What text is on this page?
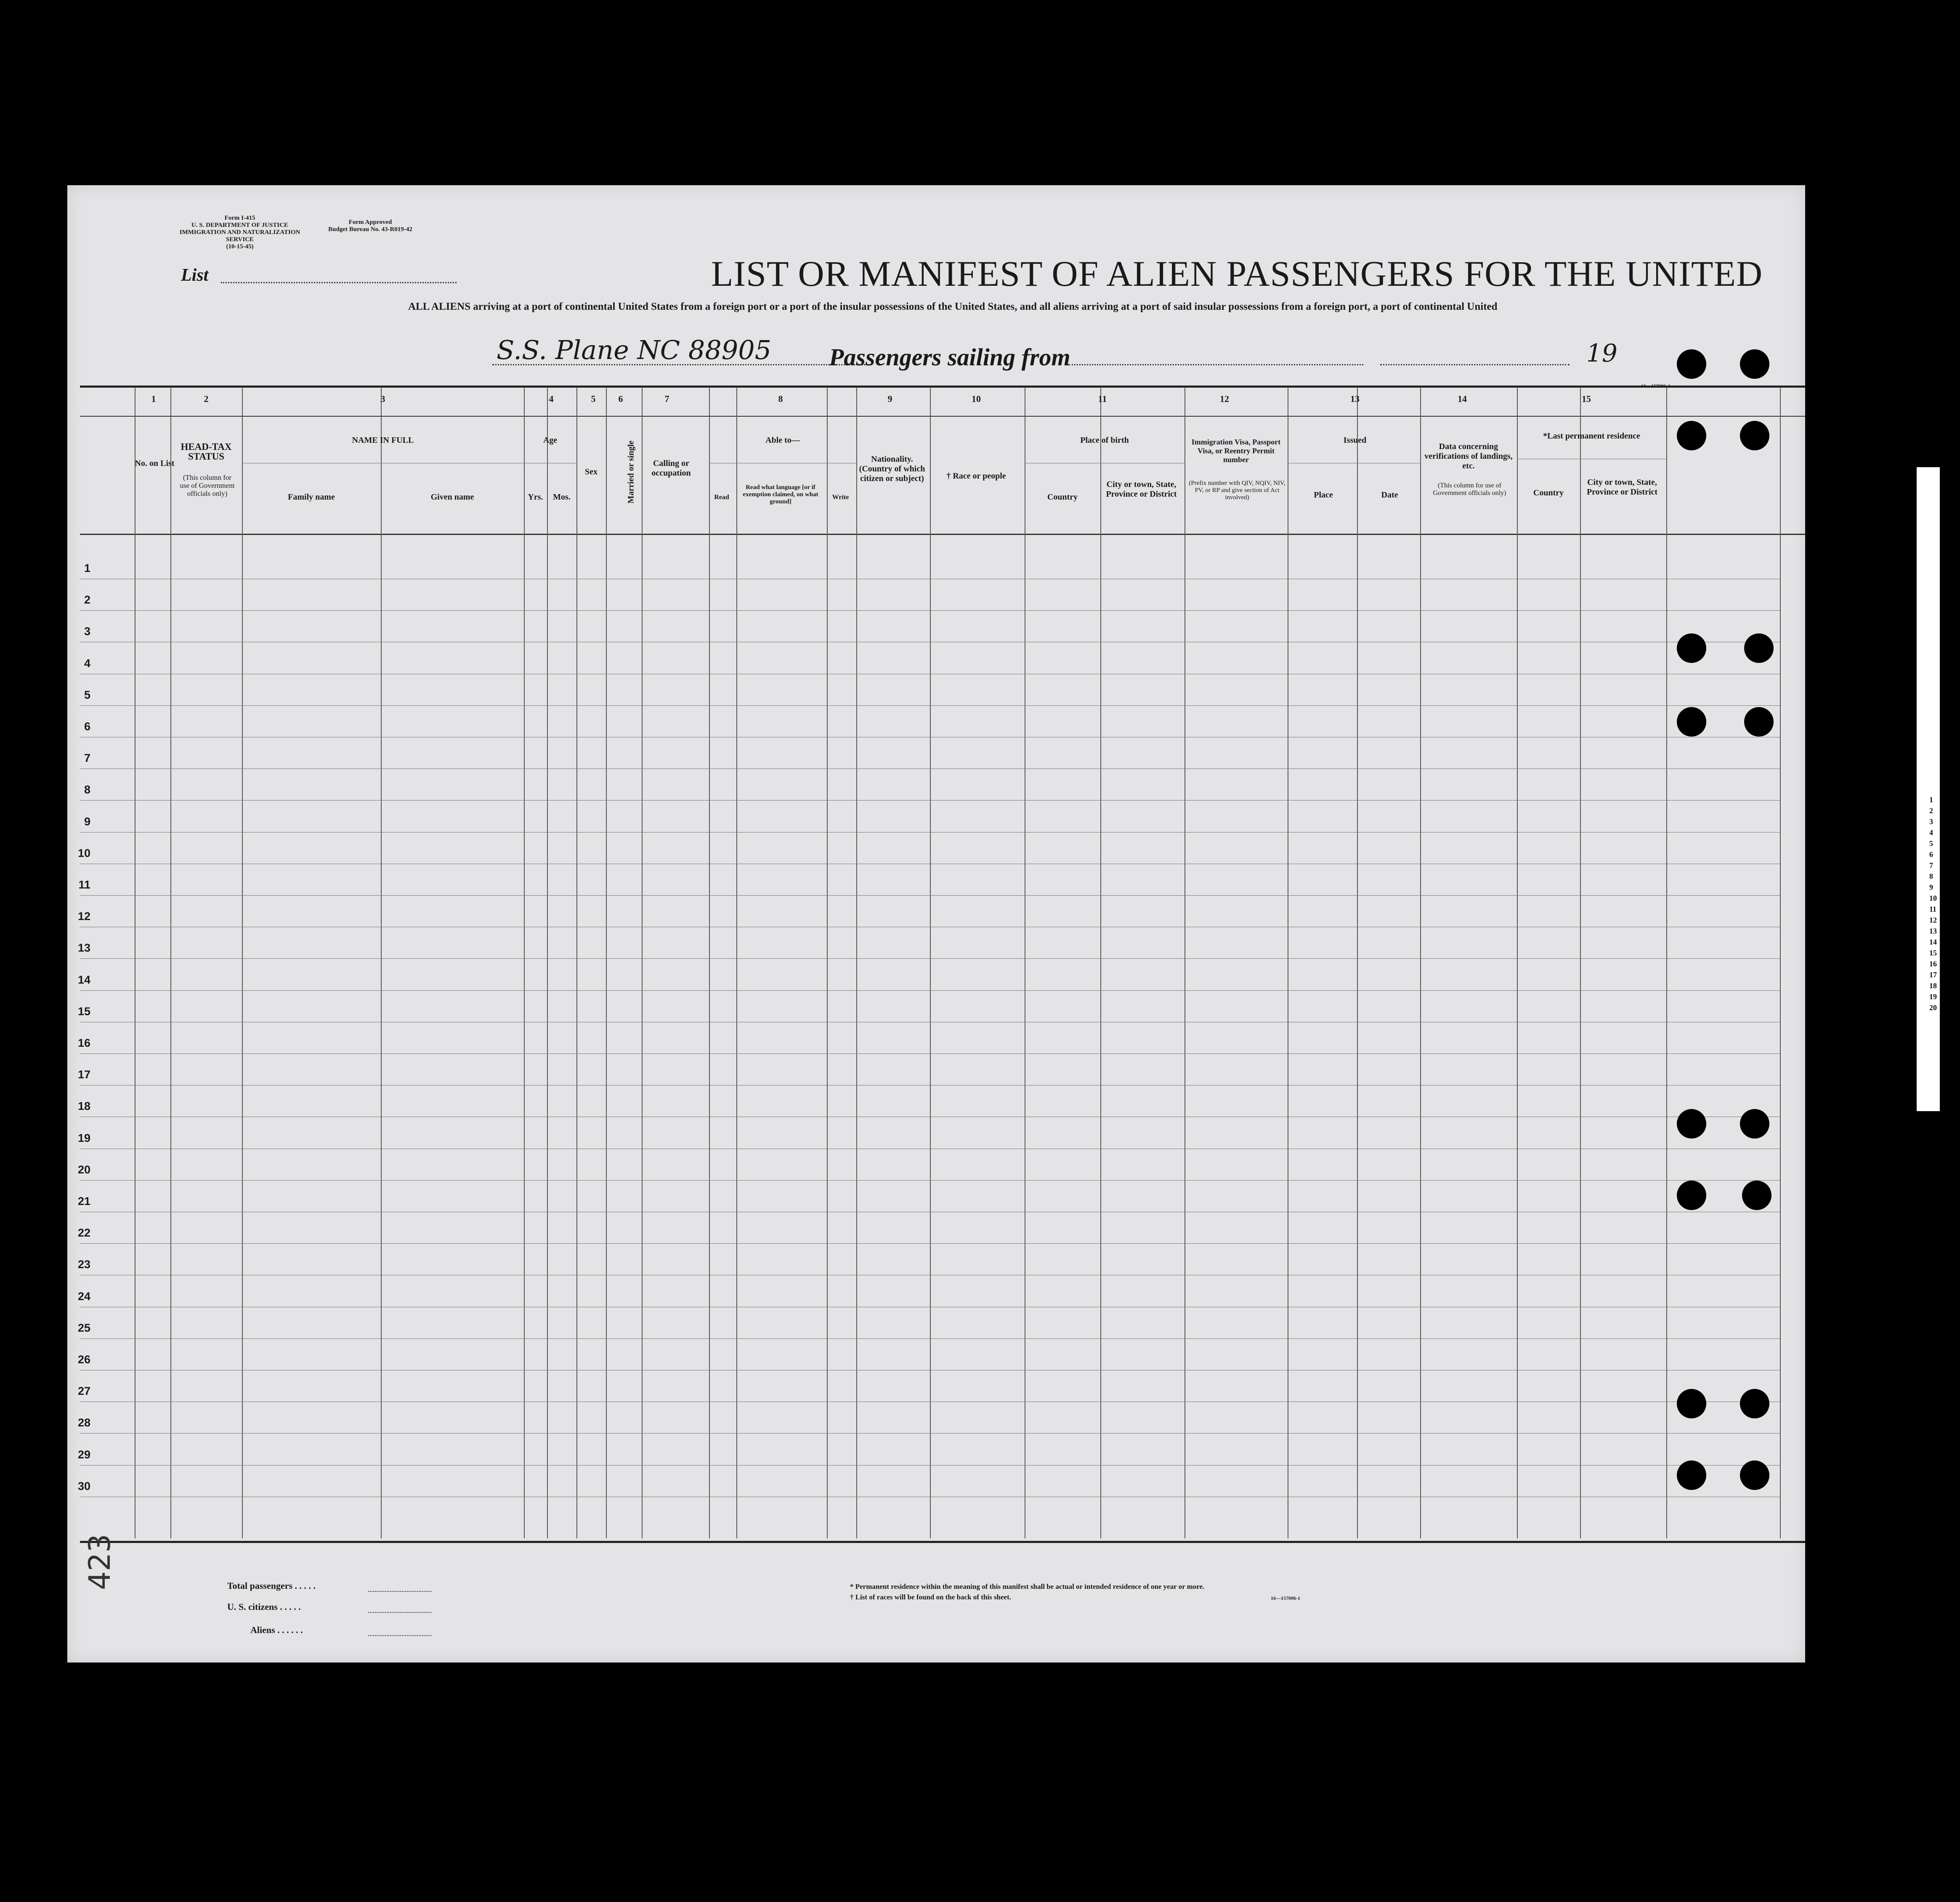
Form I-415
U. S. DEPARTMENT OF JUSTICE
IMMIGRATION AND NATURALIZATION SERVICE
(10-15-45)
Form Approved
Budget Bureau No. 43-R019-42
List	LIST OR MANIFEST OF ALIEN PASSENGERS FOR THE UNITED
ALL ALIENS arriving at a port of continental United States from a foreign port or a port of the insular possessions of the United States, and all aliens arriving at a port of said insular possessions from a foreign port, a port of continental United
S.S. Plane NC 88905 Passengers sailing from	19
16—157096-1
1	2	3	4	5	6	7	8	9	10	11	12	13	14	15
No. on List
HEAD-TAX STATUS
(This column for use of Government officials only)
NAME IN FULL
Family name	Given name
Age
Yrs.	Mos.
Sex	Married or single	Calling or occupation
Able to—
Read
Read what language [or if exemption claimed, on what ground]
Write
Nationality. (Country of which citizen or subject)	† Race or people
Place of birth
Country
City or town, State, Province or District
Immigration Visa, Passport Visa, or Reentry Permit number
(Prefix number with QIV, NQIV, NIV, PV, or RP and give section of Act involved)
Issued
Place	Date
Data concerning verifications of landings, etc.
(This column for use of Government officials only)
*Last permanent residence
Country
City or town, State, Province or District
1
2
3
4
5
6
7
8
9
10
11
12
13
14
15
16
17
18
19
20
21
22
23
24
25
26
27
28
29
30
Total passengers . . . . .
U. S. citizens . . . . .
Aliens . . . . . .
* Permanent residence within the meaning of this manifest shall be actual or intended residence of one year or more.
† List of races will be found on the back of this sheet.	16—157096-1
423
1
2
3
4
5
6
7
8
9
10
11
12
13
14
15
16
17
18
19
20
